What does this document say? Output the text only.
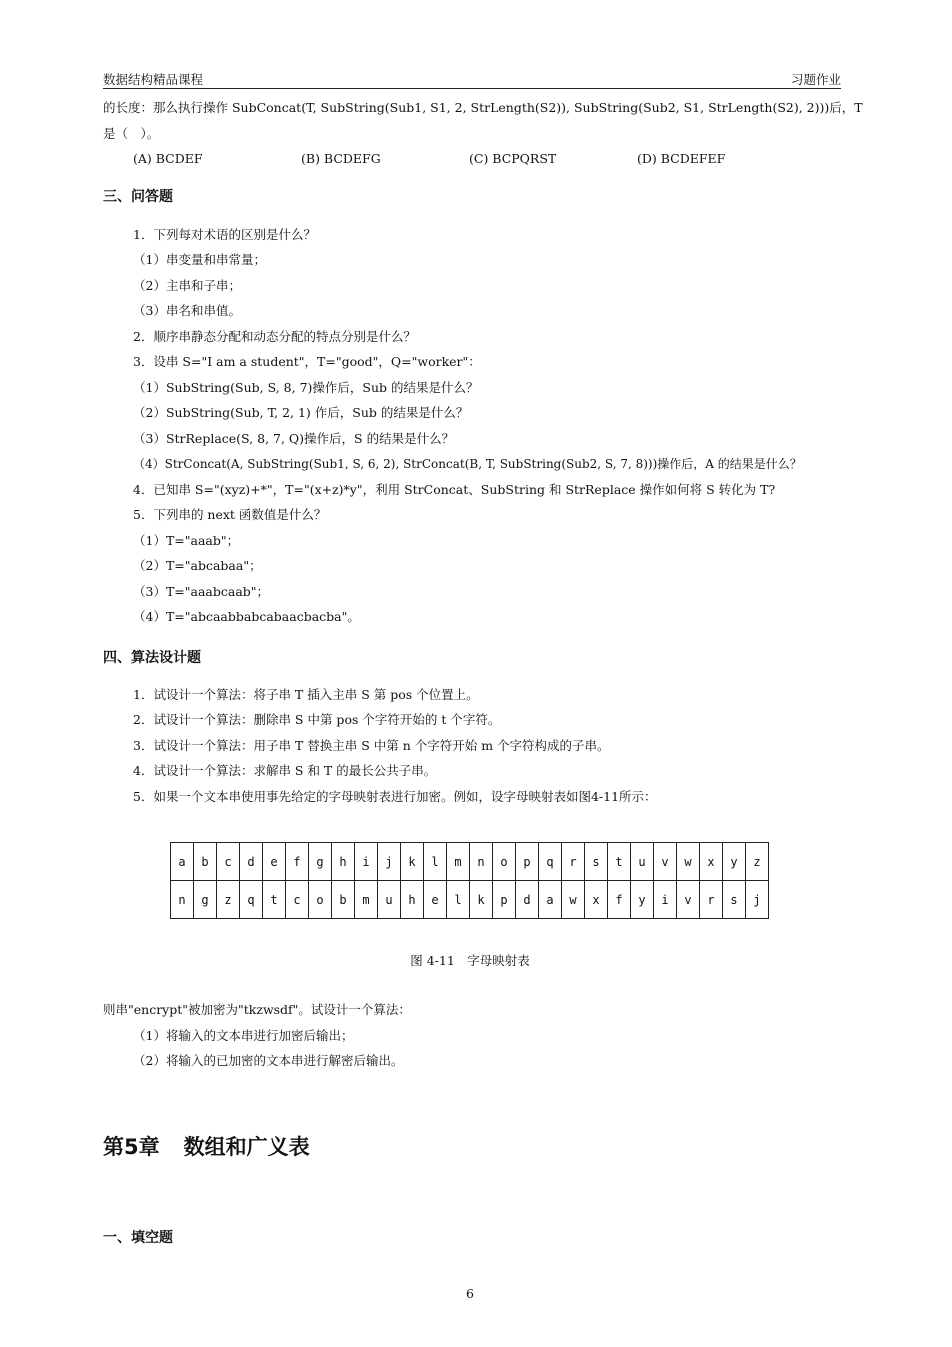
数据结构精品课程	习题作业
的长度：那么执行操作 SubConcat(T, SubString(Sub1, S1, 2, StrLength(S2)), SubString(Sub2, S1, StrLength(S2), 2)))后，T
是（　）。
(A) BCDEF	(B) BCDEFG	(C) BCPQRST	(D) BCDEFEF
三、问答题
1．下列每对术语的区别是什么？
（1）串变量和串常量；
（2）主串和子串；
（3）串名和串值。
2．顺序串静态分配和动态分配的特点分别是什么？
3．设串 S="I am a student"，T="good"，Q="worker"：
（1）SubString(Sub, S, 8, 7)操作后，Sub 的结果是什么？
（2）SubString(Sub, T, 2, 1) 作后，Sub 的结果是什么？
（3）StrReplace(S, 8, 7, Q)操作后，S 的结果是什么？
（4）StrConcat(A, SubString(Sub1, S, 6, 2), StrConcat(B, T, SubString(Sub2, S, 7, 8)))操作后，A 的结果是什么？
4．已知串 S="(xyz)+*"，T="(x+z)*y"，利用 StrConcat、SubString 和 StrReplace 操作如何将 S 转化为 T?
5．下列串的 next 函数值是什么？
（1）T="aaab"；
（2）T="abcabaa"；
（3）T="aaabcaab"；
（4）T="abcaabbabcabaacbacba"。
四、算法设计题
1．试设计一个算法：将子串 T 插入主串 S 第 pos 个位置上。
2．试设计一个算法：删除串 S 中第 pos 个字符开始的 t 个字符。
3．试设计一个算法：用子串 T 替换主串 S 中第 n 个字符开始 m 个字符构成的子串。
4．试设计一个算法：求解串 S 和 T 的最长公共子串。
5．如果一个文本串使用事先给定的字母映射表进行加密。例如，设字母映射表如图4-11所示：
a	b	c	d	e	f	g	h	i	j	k	l	m	n	o	p	q	r	s	t	u	v	w	x	y	z
n	g	z	q	t	c	o	b	m	u	h	e	l	k	p	d	a	w	x	f	y	i	v	r	s	j
图 4-11　字母映射表
则串"encrypt"被加密为"tkzwsdf"。试设计一个算法：
（1）将输入的文本串进行加密后输出；
（2）将输入的已加密的文本串进行解密后输出。
第5章 数组和广义表
一、填空题
6
